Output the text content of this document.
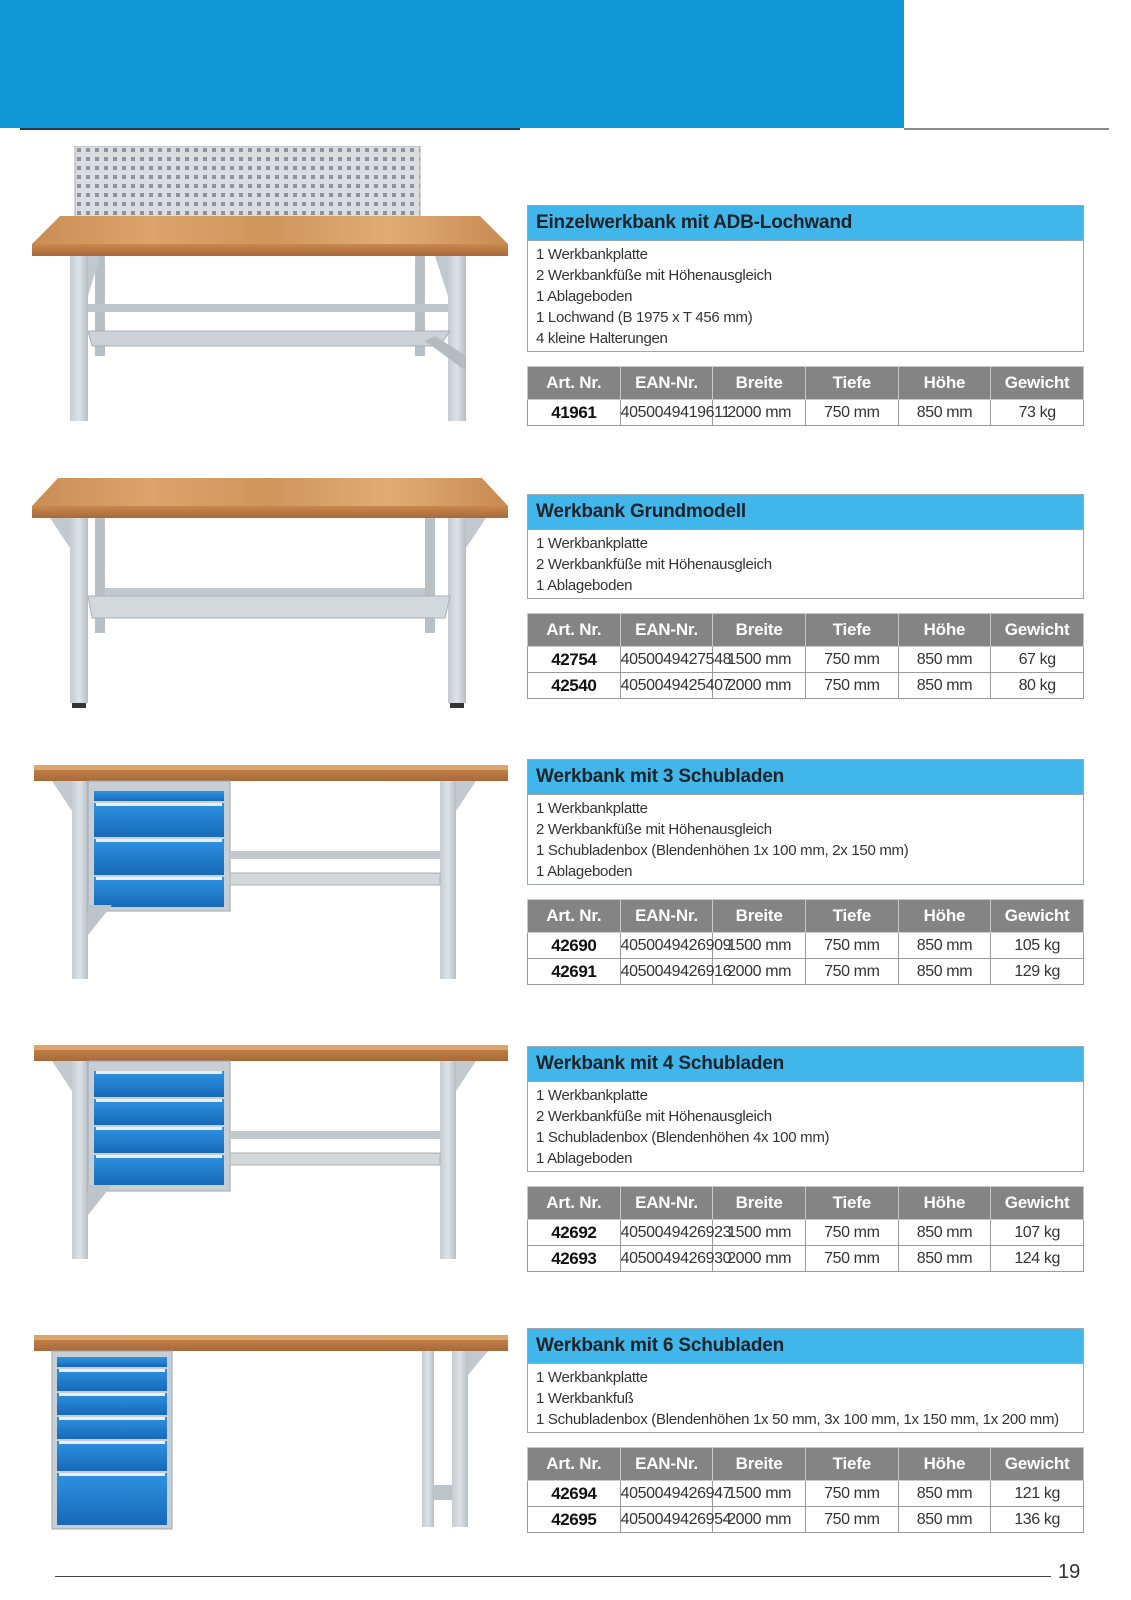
Einzelwerkbank mit ADB-Lochwand
1 Werkbankplatte
2 Werkbankfüße mit Höhenausgleich
1 Ablageboden
1 Lochwand (B 1975 x T 456 mm)
4 kleine Halterungen
Art. Nr.	EAN-Nr.	Breite	Tiefe	Höhe	Gewicht
41961	4050049419611	2000 mm	750 mm	850 mm	73 kg
Werkbank Grundmodell
1 Werkbankplatte
2 Werkbankfüße mit Höhenausgleich
1 Ablageboden
Art. Nr.	EAN-Nr.	Breite	Tiefe	Höhe	Gewicht
42754	4050049427548	1500 mm	750 mm	850 mm	67 kg
42540	4050049425407	2000 mm	750 mm	850 mm	80 kg
Werkbank mit 3 Schubladen
1 Werkbankplatte
2 Werkbankfüße mit Höhenausgleich
1 Schubladenbox (Blendenhöhen 1x 100 mm, 2x 150 mm)
1 Ablageboden
Art. Nr.	EAN-Nr.	Breite	Tiefe	Höhe	Gewicht
42690	4050049426909	1500 mm	750 mm	850 mm	105 kg
42691	4050049426916	2000 mm	750 mm	850 mm	129 kg
Werkbank mit 4 Schubladen
1 Werkbankplatte
2 Werkbankfüße mit Höhenausgleich
1 Schubladenbox (Blendenhöhen 4x 100 mm)
1 Ablageboden
Art. Nr.	EAN-Nr.	Breite	Tiefe	Höhe	Gewicht
42692	4050049426923	1500 mm	750 mm	850 mm	107 kg
42693	4050049426930	2000 mm	750 mm	850 mm	124 kg
Werkbank mit 6 Schubladen
1 Werkbankplatte
1 Werkbankfuß
1 Schubladenbox (Blendenhöhen 1x 50 mm, 3x 100 mm, 1x 150 mm, 1x 200 mm)
Art. Nr.	EAN-Nr.	Breite	Tiefe	Höhe	Gewicht
42694	4050049426947	1500 mm	750 mm	850 mm	121 kg
42695	4050049426954	2000 mm	750 mm	850 mm	136 kg
19
